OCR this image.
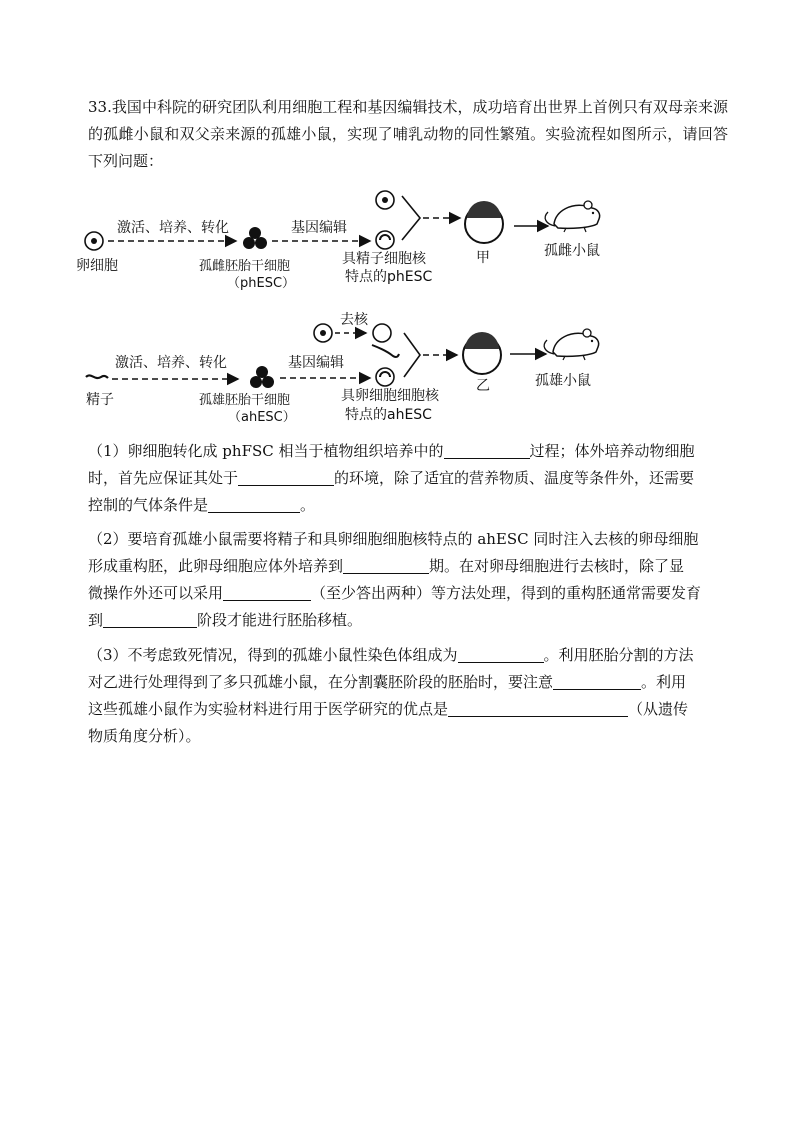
33.我国中科院的研究团队利用细胞工程和基因编辑技术，成功培育出世界上首例只有双母亲来源的孤雌小鼠和双父亲来源的孤雄小鼠，实现了哺乳动物的同性繁殖。实验流程如图所示，请回答下列问题：

卵细胞
激活、培养、转化
孤雌胚胎干细胞
（phESC）
基因编辑
具精子细胞核
特点的phESC
甲	孤雌小鼠
精子
激活、培养、转化
孤雄胚胎干细胞
（ahESC）
基因编辑
去核
具卵细胞细胞核
特点的ahESC
乙	孤雄小鼠

（1）卵细胞转化成 phFSC 相当于植物组织培养中的	过程；体外培养动物细胞

时，首先应保证其处于	的环境，除了适宜的营养物质、温度等条件外，还需要

控制的气体条件是	。

（2）要培育孤雄小鼠需要将精子和具卵细胞细胞核特点的 ahESC 同时注入去核的卵母细胞

形成重构胚，此卵母细胞应体外培养到	期。在对卵母细胞进行去核时，除了显

微操作外还可以采用	（至少答出两种）等方法处理，得到的重构胚通常需要发育

到	阶段才能进行胚胎移植。

（3）不考虑致死情况，得到的孤雄小鼠性染色体组成为	。利用胚胎分割的方法

对乙进行处理得到了多只孤雄小鼠，在分割囊胚阶段的胚胎时，要注意	。利用

这些孤雄小鼠作为实验材料进行用于医学研究的优点是	（从遗传

物质角度分析）。
